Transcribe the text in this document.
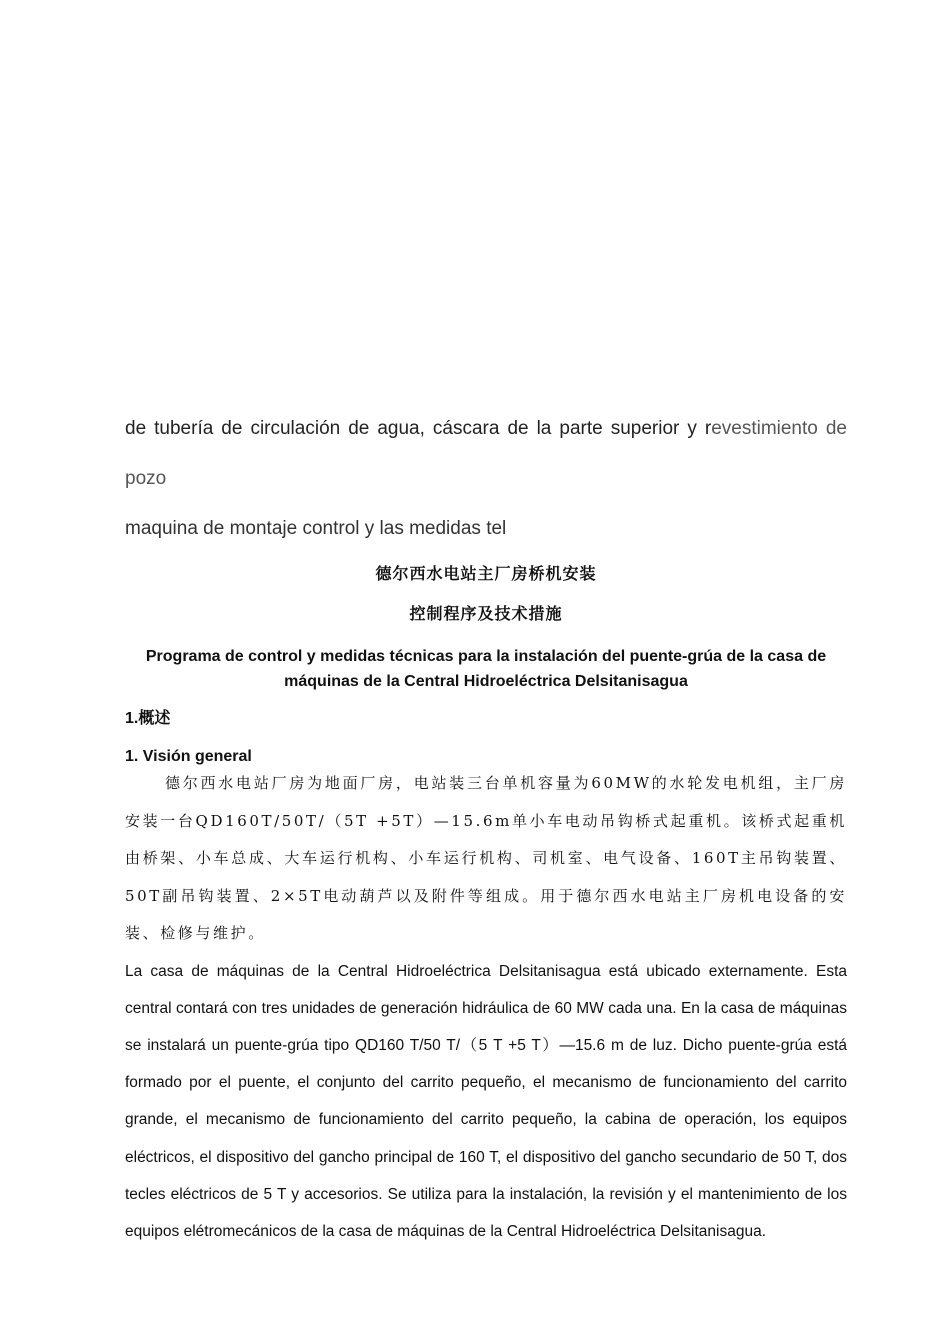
de tubería de circulación de agua, cáscara de la parte superior y revestimiento de pozo
maquina de montaje control y las medidas tel
德尔西水电站主厂房桥机安装
控制程序及技术措施
Programa de control y medidas técnicas para la instalación del puente-grúa de la casa de máquinas de la Central Hidroeléctrica Delsitanisagua
1.概述
1. Visión general
德尔西水电站厂房为地面厂房，电站装三台单机容量为60MW的水轮发电机组，主厂房安装一台QD160T/50T/（5T +5T）—15.6m单小车电动吊钩桥式起重机。该桥式起重机由桥架、小车总成、大车运行机构、小车运行机构、司机室、电气设备、160T主吊钩装置、50T副吊钩装置、2×5T电动葫芦以及附件等组成。用于德尔西水电站主厂房机电设备的安装、检修与维护。
La casa de máquinas de la Central Hidroeléctrica Delsitanisagua está ubicado externamente. Esta central contará con tres unidades de generación hidráulica de 60 MW cada una. En la casa de máquinas se instalará un puente-grúa tipo QD160 T/50 T/（5 T +5 T）—15.6 m de luz. Dicho puente-grúa está formado por el puente, el conjunto del carrito pequeño, el mecanismo de funcionamiento del carrito grande, el mecanismo de funcionamiento del carrito pequeño, la cabina de operación, los equipos eléctricos, el dispositivo del gancho principal de 160 T, el dispositivo del gancho secundario de 50 T, dos tecles eléctricos de 5 T y accesorios. Se utiliza para la instalación, la revisión y el mantenimiento de los equipos elétromecánicos de la casa de máquinas de la Central Hidroeléctrica Delsitanisagua.
